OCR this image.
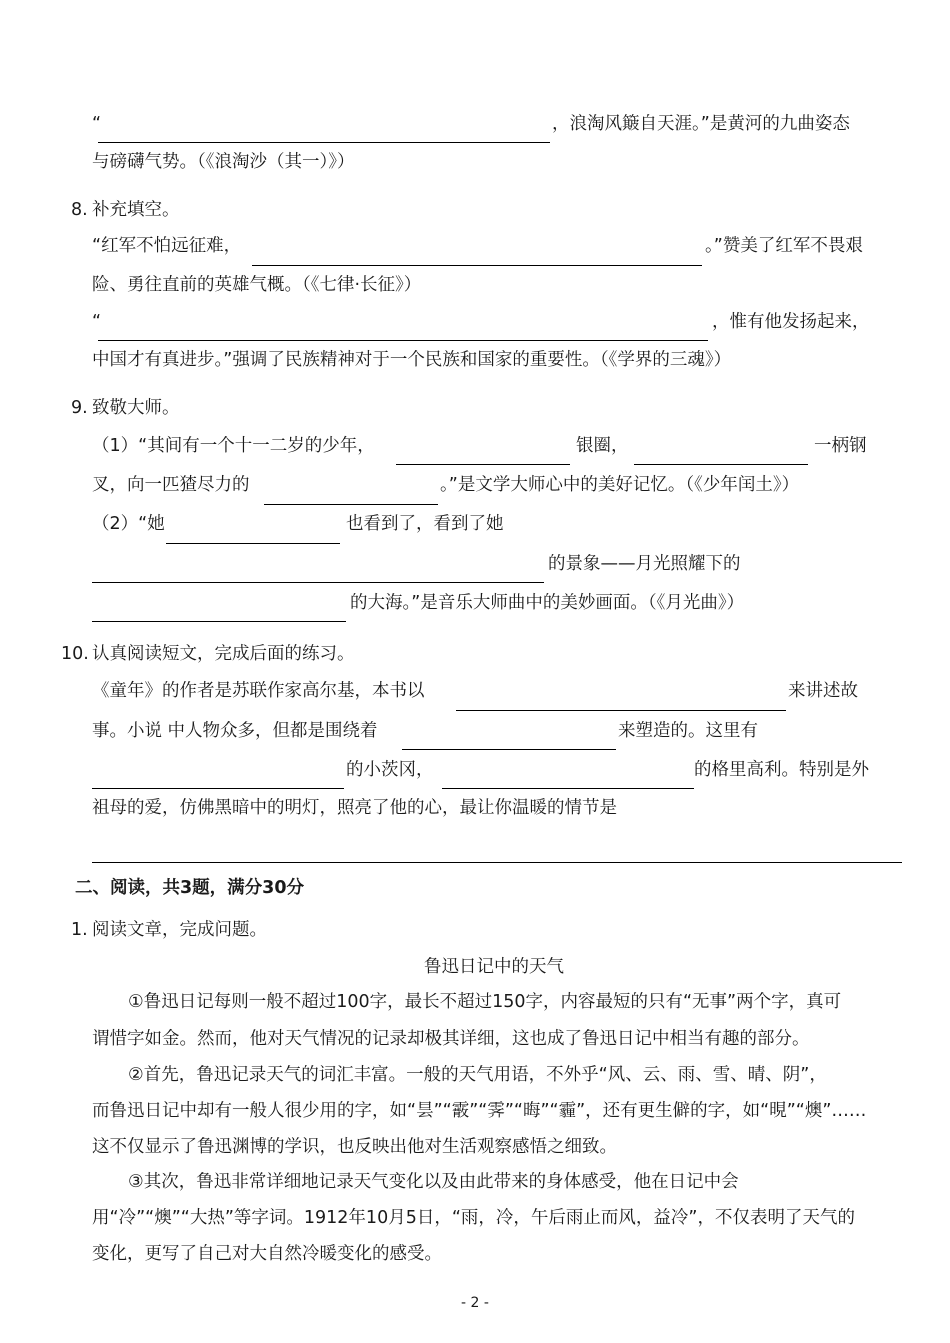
“	，浪淘风簸自天涯。”是黄河的九曲姿态
与磅礴气势。（《浪淘沙（其一）》）
8. 补充填空。
“红军不怕远征难，	。”赞美了红军不畏艰
险、勇往直前的英雄气概。（《七律·长征》）
“	，惟有他发扬起来，
中国才有真进步。”强调了民族精神对于一个民族和国家的重要性。（《学界的三魂》）
9. 致敬大师。
（1）“其间有一个十一二岁的少年，	银圈，	一柄钢
叉，向一匹猹尽力的	。”是文学大师心中的美好记忆。（《少年闰土》）
（2）“她	也看到了，看到了她
的景象——月光照耀下的
的大海。”是音乐大师曲中的美妙画面。（《月光曲》）
10. 认真阅读短文，完成后面的练习。
《童年》的作者是苏联作家高尔基，本书以	来讲述故
事。小说 中人物众多，但都是围绕着	来塑造的。这里有
的小茨冈，	的格里高利。特别是外
祖母的爱，仿佛黑暗中的明灯，照亮了他的心，最让你温暖的情节是
二、阅读，共3题，满分30分
1. 阅读文章，完成问题。
鲁迅日记中的天气
①鲁迅日记每则一般不超过100字，最长不超过150字，内容最短的只有“无事”两个字，真可
谓惜字如金。然而，他对天气情况的记录却极其详细，这也成了鲁迅日记中相当有趣的部分。
②首先，鲁迅记录天气的词汇丰富。一般的天气用语，不外乎“风、云、雨、雪、晴、阴”，
而鲁迅日记中却有一般人很少用的字，如“昙”“霰”“霁”“晦”“霾”，还有更生僻的字，如“晛”“燠”……
这不仅显示了鲁迅渊博的学识，也反映出他对生活观察感悟之细致。
③其次，鲁迅非常详细地记录天气变化以及由此带来的身体感受，他在日记中会
用“冷”“燠”“大热”等字词。1912年10月5日，“雨，冷，午后雨止而风，益冷”，不仅表明了天气的
变化，更写了自己对大自然冷暖变化的感受。
- 2 -
